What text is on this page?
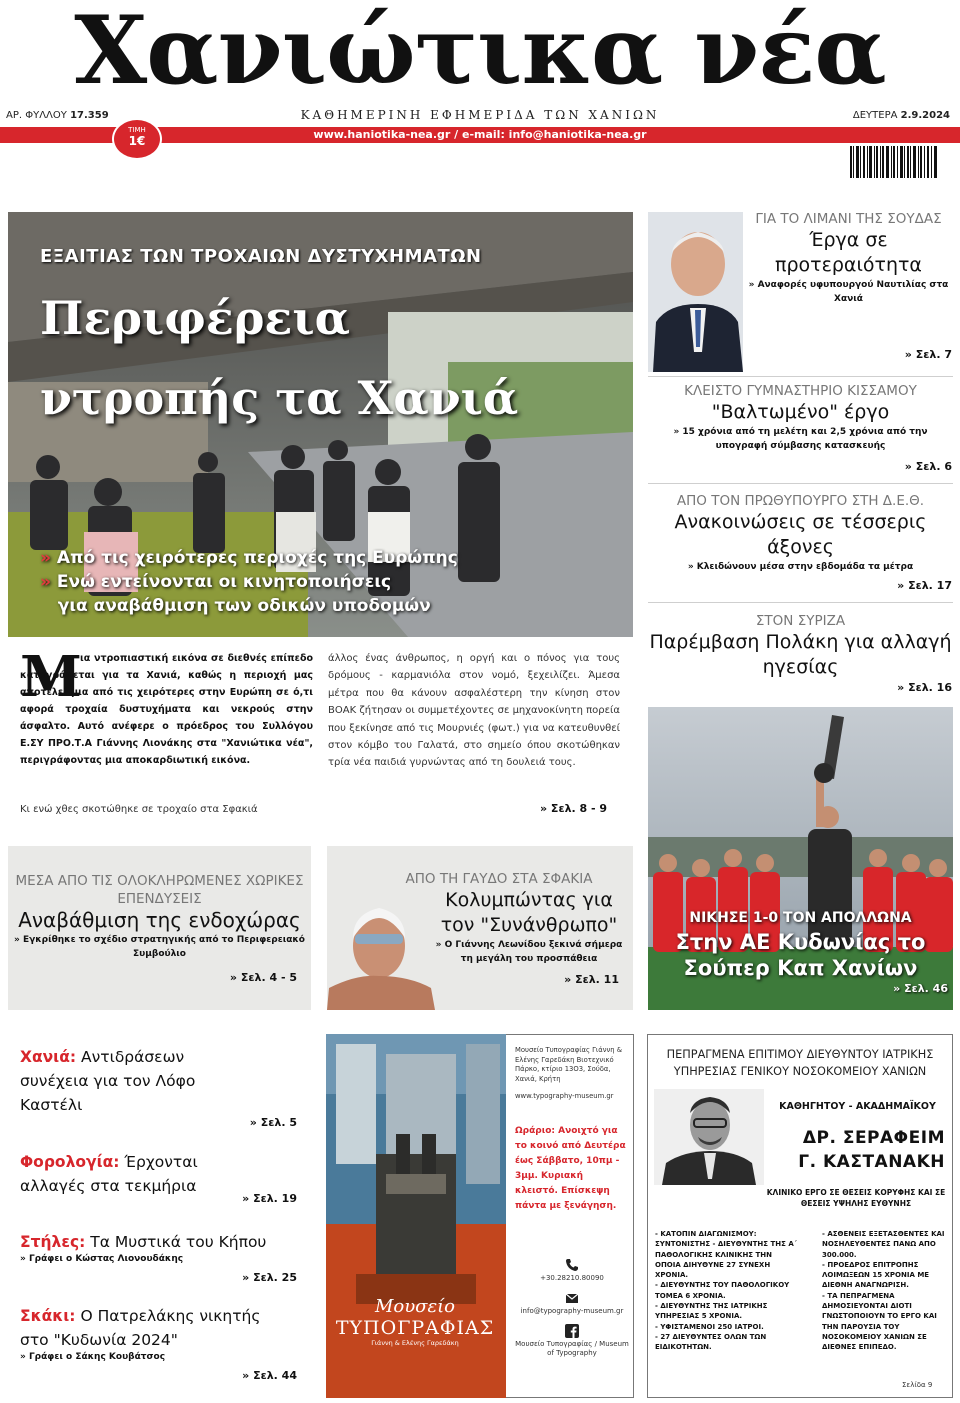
Χανιώτικα νέα
ΑΡ. ΦΥΛΛΟΥ 17.359	ΚΑΘΗΜΕΡΙΝΗ ΕΦΗΜΕΡΙΔΑ ΤΩΝ ΧΑΝΙΩΝ	ΔΕΥΤΕΡΑ 2.9.2024
www.haniotika-nea.gr / e-mail: info@haniotika-nea.gr
ΤΙΜΗ
1€
ΕΞΑΙΤΙΑΣ ΤΩΝ ΤΡΟΧΑΙΩΝ ΔΥΣΤΥΧΗΜΑΤΩΝ
Περιφέρεια
ντροπής τα Χανιά
» Από τις χειρότερες περιοχές της Ευρώπης
» Ενώ εντείνονται οι κινητοποιήσεις
για αναβάθμιση των οδικών υποδομών
M

ια ντροπιαστική εικόνα σε διεθνές επίπεδο καταγράφεται για τα Χανιά, καθώς η περιοχή μας αποτελεί μια από τις χειρότερες στην Ευρώπη σε ό,τι αφορά τροχαία δυστυχήματα και νεκρούς στην άσφαλτο. Αυτό ανέφερε ο πρόεδρος του Συλλόγου Ε.ΣΥ ΠΡΟ.Τ.Α Γιάννης Λιονάκης στα "Χανιώτικα νέα", περιγράφοντας μια αποκαρδιωτική εικόνα.

Κι ενώ χθες σκοτώθηκε σε τροχαίο στα Σφακιά
άλλος ένας άνθρωπος, η οργή και ο πόνος για τους δρόμους - καρμανιόλα στον νομό, ξεχειλίζει. Άμεσα μέτρα που θα κάνουν ασφαλέστερη την κίνηση στον ΒΟΑΚ ζήτησαν οι συμμετέχοντες σε μηχανοκίνητη πορεία που ξεκίνησε από τις Μουρνιές (φωτ.) για να κατευθυνθεί στον κόμβο του Γαλατά, στο σημείο όπου σκοτώθηκαν τρία νέα παιδιά γυρνώντας από τη δουλειά τους.
» Σελ. 8 - 9
ΓΙΑ ΤΟ ΛΙΜΑΝΙ ΤΗΣ ΣΟΥΔΑΣ
Έργα σε προτεραιότητα
» Αναφορές υφυπουργού Ναυτιλίας στα Χανιά
» Σελ. 7
ΚΛΕΙΣΤΟ ΓΥΜΝΑΣΤΗΡΙΟ ΚΙΣΣΑΜΟΥ
"Βαλτωμένο" έργο
» 15 χρόνια από τη μελέτη και 2,5 χρόνια από την υπογραφή σύμβασης κατασκευής
» Σελ. 6
ΑΠΟ ΤΟΝ ΠΡΩΘΥΠΟΥΡΓΟ ΣΤΗ Δ.Ε.Θ.
Ανακοινώσεις σε τέσσερις άξονες
» Κλειδώνουν μέσα στην εβδομάδα τα μέτρα
» Σελ. 17
ΣΤΟΝ ΣΥΡΙΖΑ
Παρέμβαση Πολάκη για αλλαγή ηγεσίας
» Σελ. 16
ΝΙΚΗΣΕ 1-0 ΤΟΝ ΑΠΟΛΛΩΝΑ
Στην ΑΕ Κυδωνίας το Σούπερ Καπ Χανίων
» Σελ. 46
ΜΕΣΑ ΑΠΟ ΤΙΣ ΟΛΟΚΛΗΡΩΜΕΝΕΣ ΧΩΡΙΚΕΣ ΕΠΕΝΔΥΣΕΙΣ
Αναβάθμιση της ενδοχώρας
» Εγκρίθηκε το σχέδιο στρατηγικής από το Περιφερειακό Συμβούλιο
» Σελ. 4 - 5
ΑΠΟ ΤΗ ΓΑΥΔΟ ΣΤΑ ΣΦΑΚΙΑ
Κολυμπώντας για τον "Συνάνθρωπο"
» Ο Γιάννης Λεωνίδου ξεκινά σήμερα τη μεγάλη του προσπάθεια
» Σελ. 11
Χανιά: Αντιδράσεων συνέχεια για τον Λόφο Καστέλι
» Σελ. 5
Φορολογία: Έρχονται αλλαγές στα τεκμήρια
» Σελ. 19
Στήλες: Τα Μυστικά του Κήπου
» Γράφει ο Κώστας Λιονουδάκης
» Σελ. 25
Σκάκι: Ο Πατρελάκης νικητής στο "Κυδωνία 2024"
» Γράφει ο Σάκης Κουβάτσος
» Σελ. 44
Μουσείο
ΤΥΠΟΓΡΑΦΙΑΣ
Γιάννη & Ελένης Γαρεδάκη
Μουσείο Τυπογραφίας Γιάννη & Ελένης Γαρεδάκη Βιοτεχνικό Πάρκο, κτίριο 13Ο3, Σούδα, Χανιά, Κρήτη
www.typography-museum.gr
Ωράριο: Ανοιχτό για το κοινό από Δευτέρα έως Σάββατο, 10πμ - 3μμ. Κυριακή κλειστό. Επίσκεψη πάντα με ξενάγηση.
+30.28210.80090
info@typography-museum.gr
Μουσείο Τυπογραφίας / Museum of Typography
ΠΕΠΡΑΓΜΕΝΑ ΕΠΙΤΙΜΟΥ ΔΙΕΥΘΥΝΤΟΥ ΙΑΤΡΙΚΗΣ ΥΠΗΡΕΣΙΑΣ ΓΕΝΙΚΟΥ ΝΟΣΟΚΟΜΕΙΟΥ ΧΑΝΙΩΝ
ΚΑΘΗΓΗΤΟΥ - ΑΚΑΔΗΜΑΪΚΟΥ
ΔΡ. ΣΕΡΑΦΕΙΜ
Γ. ΚΑΣΤΑΝΑΚΗ
ΚΛΙΝΙΚΟ ΕΡΓΟ ΣΕ ΘΕΣΕΙΣ ΚΟΡΥΦΗΣ ΚΑΙ ΣΕ ΘΕΣΕΙΣ ΥΨΗΛΗΣ ΕΥΘΥΝΗΣ
- ΚΑΤΟΠΙΝ ΔΙΑΓΩΝΙΣΜΟΥ: ΣΥΝΤΟΝΙΣΤΗΣ - ΔΙΕΥΘΥΝΤΗΣ ΤΗΣ Α΄ ΠΑΘΟΛΟΓΙΚΗΣ ΚΛΙΝΙΚΗΣ ΤΗΝ ΟΠΟΙΑ ΔΙΗΥΘΥΝΕ 27 ΣΥΝΕΧΗ ΧΡΟΝΙΑ.
- ΔΙΕΥΘΥΝΤΗΣ ΤΟΥ ΠΑΘΟΛΟΓΙΚΟΥ ΤΟΜΕΑ 6 ΧΡΟΝΙΑ.
- ΔΙΕΥΘΥΝΤΗΣ ΤΗΣ ΙΑΤΡΙΚΗΣ ΥΠΗΡΕΣΙΑΣ 5 ΧΡΟΝΙΑ.
- ΥΦΙΣΤΑΜΕΝΟΙ 250 ΙΑΤΡΟΙ.
- 27 ΔΙΕΥΘΥΝΤΕΣ ΟΛΩΝ ΤΩΝ ΕΙΔΙΚΟΤΗΤΩΝ.
- ΑΣΘΕΝΕΙΣ ΕΞΕΤΑΣΘΕΝΤΕΣ ΚΑΙ ΝΟΣΗΛΕΥΘΕΝΤΕΣ ΠΑΝΩ ΑΠΟ 300.000.
- ΠΡΟΕΔΡΟΣ ΕΠΙΤΡΟΠΗΣ ΛΟΙΜΩΞΕΩΝ 15 ΧΡΟΝΙΑ ΜΕ ΔΙΕΘΝΗ ΑΝΑΓΝΩΡΙΣΗ.
- ΤΑ ΠΕΠΡΑΓΜΕΝΑ ΔΗΜΟΣΙΕΥΟΝΤΑΙ ΔΙΟΤΙ ΓΝΩΣΤΟΠΟΙΟΥΝ ΤΟ ΕΡΓΟ ΚΑΙ ΤΗΝ ΠΑΡΟΥΣΙΑ ΤΟΥ ΝΟΣΟΚΟΜΕΙΟΥ ΧΑΝΙΩΝ ΣΕ ΔΙΕΘΝΕΣ ΕΠΙΠΕΔΟ.
Σελίδα 9
